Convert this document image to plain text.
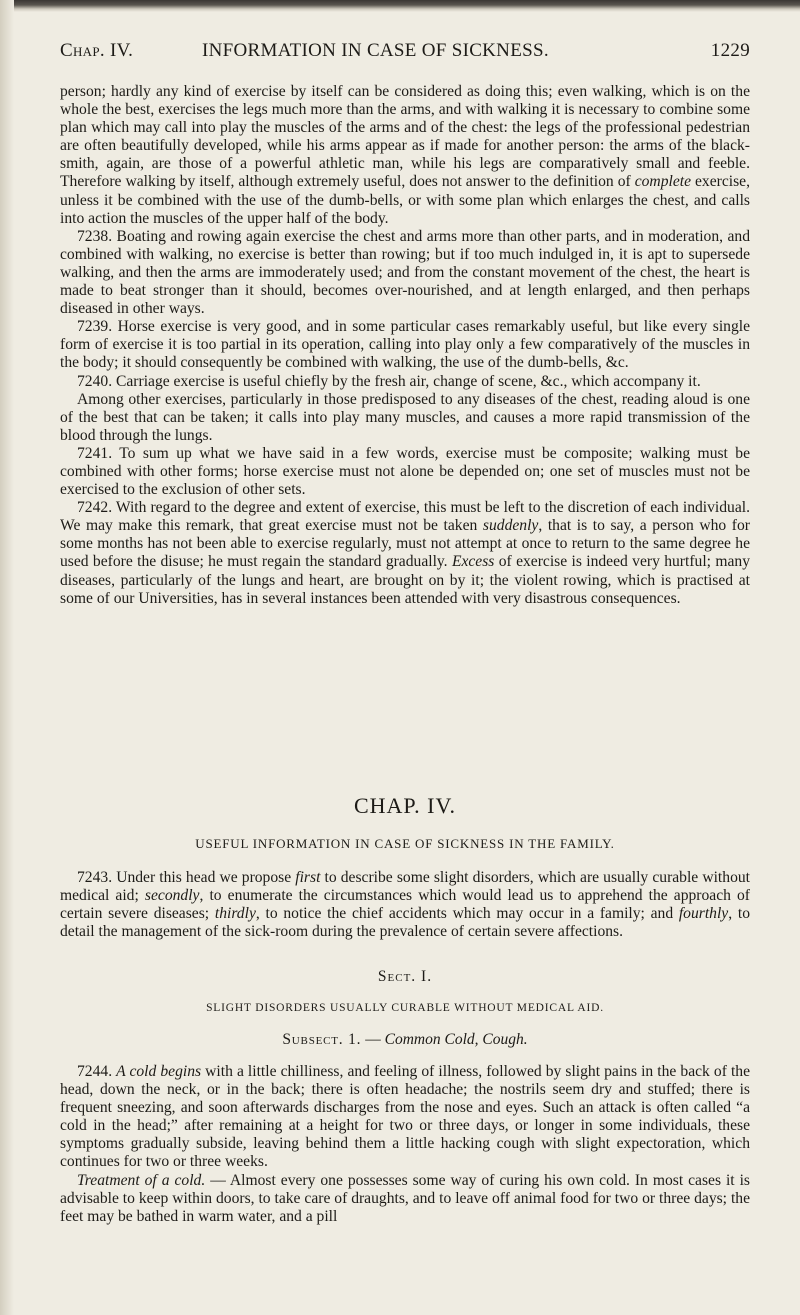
Chap. IV.	INFORMATION IN CASE OF SICKNESS.	1229

person; hardly any kind of exercise by itself can be considered as doing this; even walking, which is on the whole the best, exercises the legs much more than the arms, and with walking it is necessary to combine some plan which may call into play the muscles of the arms and of the chest: the legs of the professional pedestrian are often beautifully developed, while his arms appear as if made for another person: the arms of the black-smith, again, are those of a powerful athletic man, while his legs are comparatively small and feeble. Therefore walking by itself, although extremely useful, does not answer to the definition of complete exercise, unless it be combined with the use of the dumb-bells, or with some plan which enlarges the chest, and calls into action the muscles of the upper half of the body.

7238. Boating and rowing again exercise the chest and arms more than other parts, and in moderation, and combined with walking, no exercise is better than rowing; but if too much indulged in, it is apt to supersede walking, and then the arms are immoderately used; and from the constant movement of the chest, the heart is made to beat stronger than it should, becomes over-nourished, and at length enlarged, and then perhaps diseased in other ways.

7239. Horse exercise is very good, and in some particular cases remarkably useful, but like every single form of exercise it is too partial in its operation, calling into play only a few comparatively of the muscles in the body; it should consequently be combined with walking, the use of the dumb-bells, &c.

7240. Carriage exercise is useful chiefly by the fresh air, change of scene, &c., which accompany it.

Among other exercises, particularly in those predisposed to any diseases of the chest, reading aloud is one of the best that can be taken; it calls into play many muscles, and causes a more rapid transmission of the blood through the lungs.

7241. To sum up what we have said in a few words, exercise must be composite; walking must be combined with other forms; horse exercise must not alone be depended on; one set of muscles must not be exercised to the exclusion of other sets.

7242. With regard to the degree and extent of exercise, this must be left to the discretion of each individual. We may make this remark, that great exercise must not be taken suddenly, that is to say, a person who for some months has not been able to exercise regularly, must not attempt at once to return to the same degree he used before the disuse; he must regain the standard gradually. Excess of exercise is indeed very hurtful; many diseases, particularly of the lungs and heart, are brought on by it; the violent rowing, which is practised at some of our Universities, has in several instances been attended with very disastrous consequences.

CHAP. IV.
USEFUL INFORMATION IN CASE OF SICKNESS IN THE FAMILY.

7243. Under this head we propose first to describe some slight disorders, which are usually curable without medical aid; secondly, to enumerate the circumstances which would lead us to apprehend the approach of certain severe diseases; thirdly, to notice the chief accidents which may occur in a family; and fourthly, to detail the management of the sick-room during the prevalence of certain severe affections.

Sect. I.
SLIGHT DISORDERS USUALLY CURABLE WITHOUT MEDICAL AID.
Subsect. 1. — Common Cold, Cough.

7244. A cold begins with a little chilliness, and feeling of illness, followed by slight pains in the back of the head, down the neck, or in the back; there is often headache; the nostrils seem dry and stuffed; there is frequent sneezing, and soon afterwards discharges from the nose and eyes. Such an attack is often called “a cold in the head;” after remaining at a height for two or three days, or longer in some individuals, these symptoms gradually subside, leaving behind them a little hacking cough with slight expectoration, which continues for two or three weeks.

Treatment of a cold. — Almost every one possesses some way of curing his own cold. In most cases it is advisable to keep within doors, to take care of draughts, and to leave off animal food for two or three days; the feet may be bathed in warm water, and a pill
